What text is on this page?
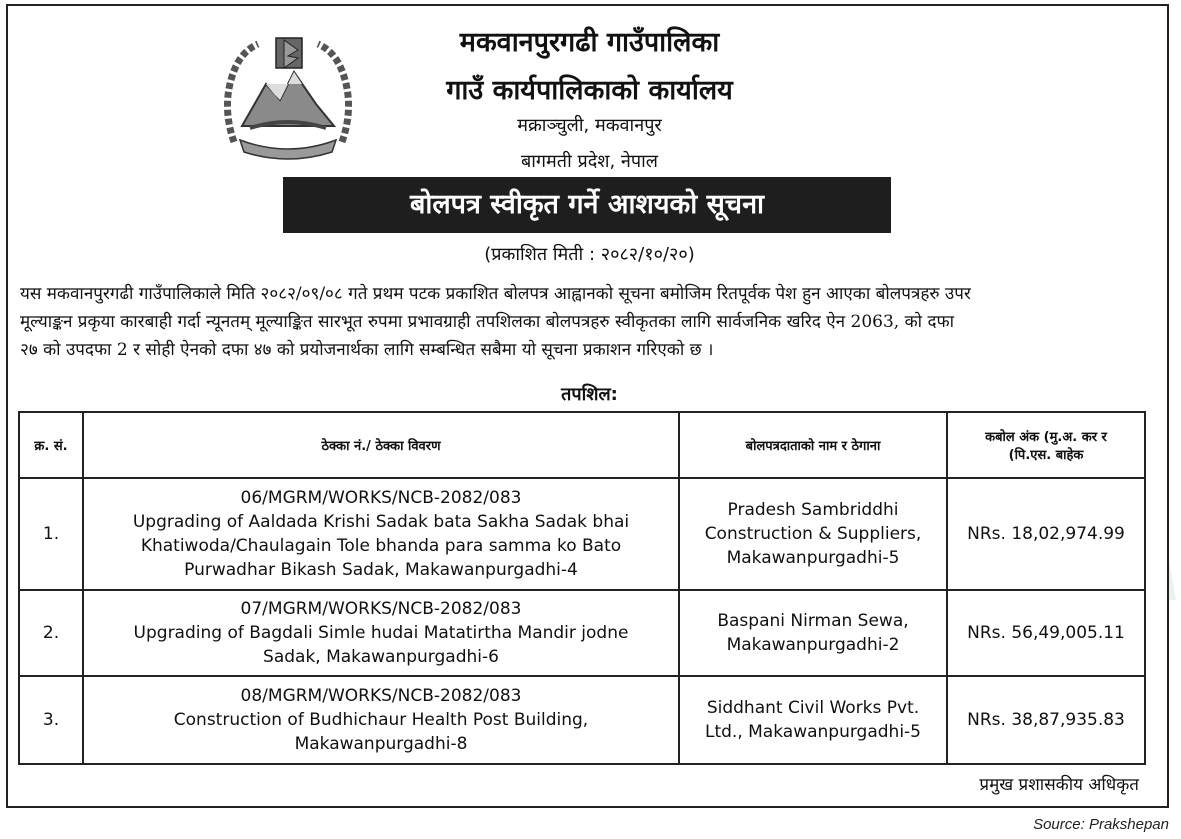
मकवानपुरगढी गाउँपालिका
गाउँ कार्यपालिकाको कार्यालय
मक्राञ्चुली, मकवानपुर
बागमती प्रदेश, नेपाल
बोलपत्र स्वीकृत गर्ने आशयको सूचना
(प्रकाशित मिती : २०८२/१०/२०)
यस मकवानपुरगढी गाउँपालिकाले मिति २०८२/०९/०८ गते प्रथम पटक प्रकाशित बोलपत्र आह्वानको सूचना बमोजिम रितपूर्वक पेश हुन आएका बोलपत्रहरु उपर
मूल्याङ्कन प्रकृया कारबाही गर्दा न्यूनतम् मूल्याङ्कित सारभूत रुपमा प्रभावग्राही तपशिलका बोलपत्रहरु स्वीकृतका लागि सार्वजनिक खरिद ऐन 2063, को दफा
२७ को उपदफा 2 र सोही ऐनको दफा ४७ को प्रयोजनार्थका लागि सम्बन्धित सबैमा यो सूचना प्रकाशन गरिएको छ ।
तपशिल:
क्र. सं.	ठेक्का नं./ ठेक्का विवरण	बोलपत्रदाताको नाम र ठेगाना	कबोल अंक (मु.अ. कर र
(पि.एस. बाहेक

1.	06/MGRM/WORKS/NCB-2082/083
Upgrading of Aaldada Krishi Sadak bata Sakha Sadak bhai
Khatiwoda/Chaulagain Tole bhanda para samma ko Bato
Purwadhar Bikash Sadak, Makawanpurgadhi-4	Pradesh Sambriddhi
Construction & Suppliers,
Makawanpurgadhi-5	NRs. 18,02,974.99
2.	07/MGRM/WORKS/NCB-2082/083
Upgrading of Bagdali Simle hudai Matatirtha Mandir jodne
Sadak, Makawanpurgadhi-6	Baspani Nirman Sewa,
Makawanpurgadhi-2	NRs. 56,49,005.11
3.	08/MGRM/WORKS/NCB-2082/083
Construction of Budhichaur Health Post Building,
Makawanpurgadhi-8	Siddhant Civil Works Pvt.
Ltd., Makawanpurgadhi-5	NRs. 38,87,935.83
प्रमुख प्रशासकीय अधिकृत
Source: Prakshepan
